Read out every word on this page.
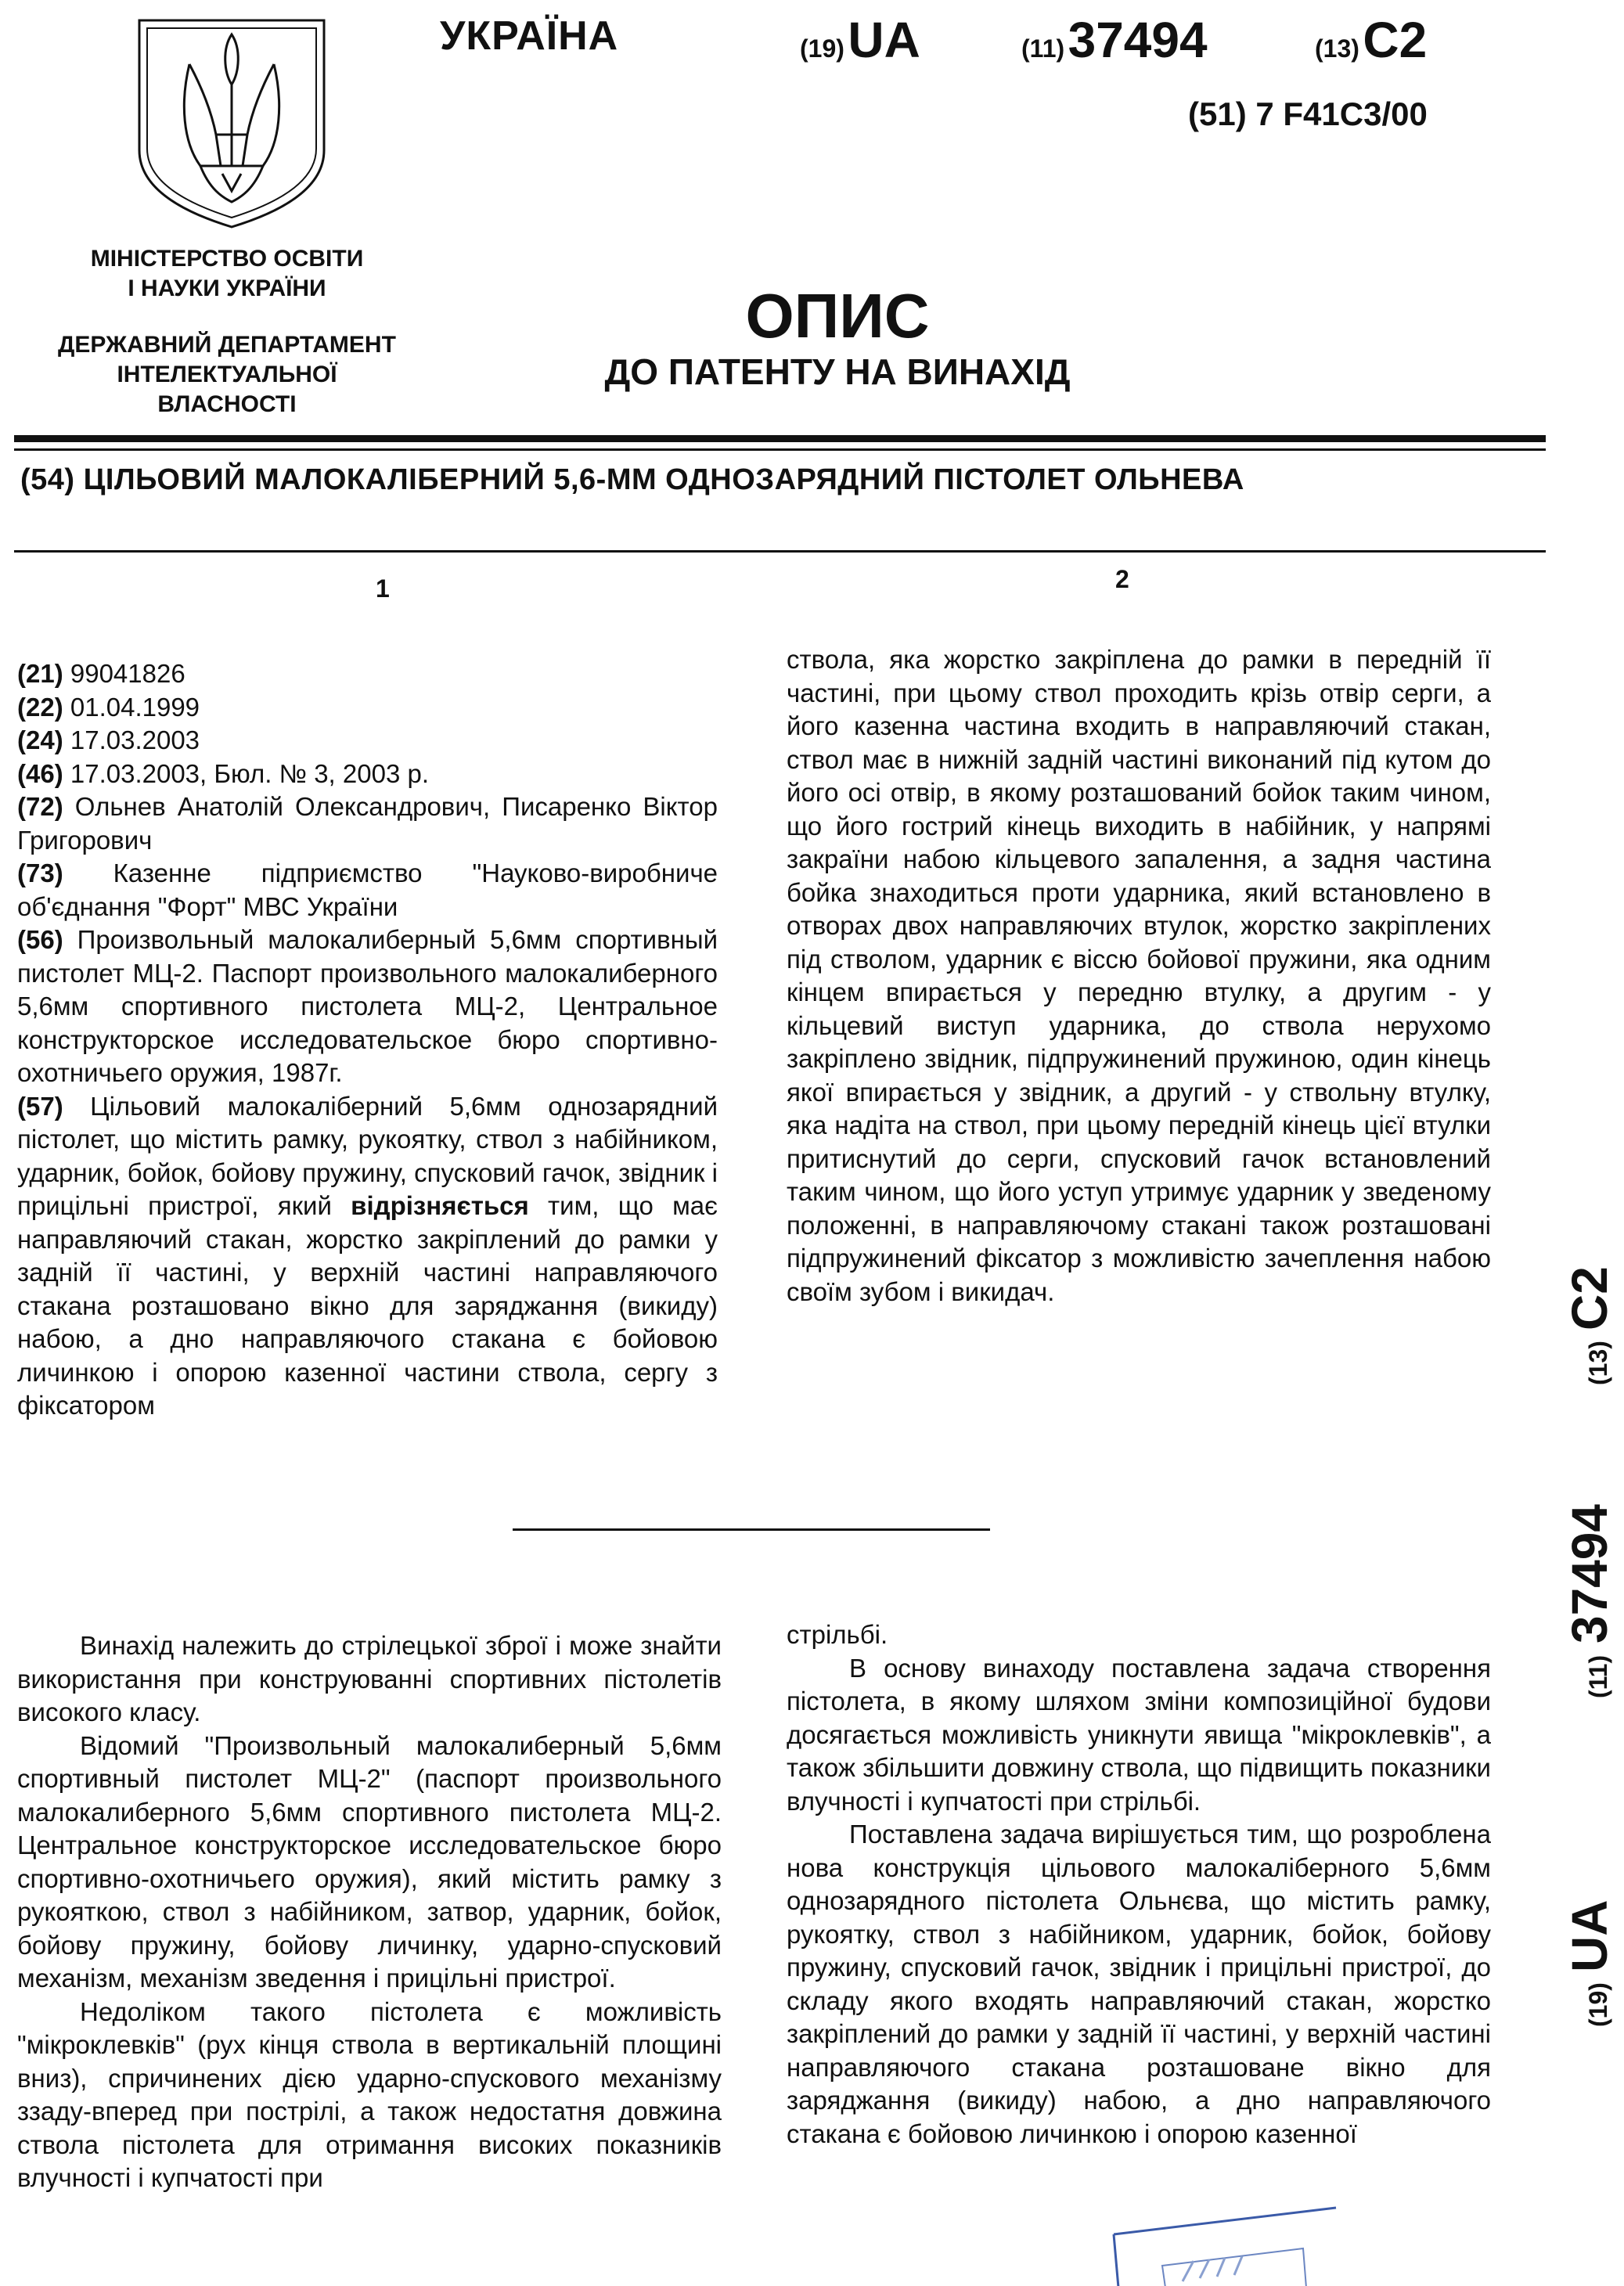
МІНІСТЕРСТВО ОСВІТИ
І НАУКИ УКРАЇНИ
ДЕРЖАВНИЙ ДЕПАРТАМЕНТ
ІНТЕЛЕКТУАЛЬНОЇ
ВЛАСНОСТІ
УКРАЇНА	(19) UA	(11) 37494	(13) C2
(51) 7 F41C3/00
ОПИС
ДО ПАТЕНТУ НА ВИНАХІД
(54) ЦІЛЬОВИЙ МАЛОКАЛІБЕРНИЙ 5,6-ММ ОДНОЗАРЯДНИЙ ПІСТОЛЕТ ОЛЬНЕВА
1	2
(21) 99041826
(22) 01.04.1999
(24) 17.03.2003
(46) 17.03.2003, Бюл. № 3, 2003 р.
(72) Ольнев Анатолій Олександрович, Писаренко Віктор Григорович
(73) Казенне підприємство "Науково-виробниче об'єднання "Форт" МВС України
(56) Произвольный малокалиберный 5,6мм спортивный пистолет МЦ-2. Паспорт произвольного малокалиберного 5,6мм спортивного пистолета МЦ-2, Центральное конструкторское исследовательское бюро спортивно-охотничьего оружия, 1987г.
(57) Цільовий малокаліберний 5,6мм однозарядний пістолет, що містить рамку, рукоятку, ствол з набійником, ударник, бойок, бойову пружину, спусковий гачок, звідник і прицільні пристрої, який відрізняється тим, що має направляючий стакан, жорстко закріплений до рамки у задній її частині, у верхній частині направляючого стакана розташовано вікно для заряджання (викиду) набою, а дно направляючого стакана є бойовою личинкою і опорою казенної частини ствола, сергу з фіксатором
ствола, яка жорстко закріплена до рамки в передній її частині, при цьому ствол проходить крізь отвір серги, а його казенна частина входить в направляючий стакан, ствол має в нижній задній частині виконаний під кутом до його осі отвір, в якому розташований бойок таким чином, що його гострий кінець виходить в набійник, у напрямі закраїни набою кільцевого запалення, а задня частина бойка знаходиться проти ударника, який встановлено в отворах двох направляючих втулок, жорстко закріплених під стволом, ударник є віссю бойової пружини, яка одним кінцем впирається у передню втулку, а другим - у кільцевий виступ ударника, до ствола нерухомо закріплено звідник, підпружинений пружиною, один кінець якої впирається у звідник, а другий - у ствольну втулку, яка надіта на ствол, при цьому передній кінець цієї втулки притиснутий до серги, спусковий гачок встановлений таким чином, що його уступ утримує ударник у зведеному положенні, в направляючому стакані також розташовані підпружинений фіксатор з можливістю зачеплення набою своїм зубом і викидач.

Винахід належить до стрілецької зброї і може знайти використання при конструюванні спортивних пістолетів високого класу.

Відомий "Произвольный малокалиберный 5,6мм спортивный пистолет МЦ-2" (паспорт произвольного малокалиберного 5,6мм спортивного пистолета МЦ-2. Центральное конструкторское исследовательское бюро спортивно-охотничьего оружия), який містить рамку з рукояткою, ствол з набійником, затвор, ударник, бойок, бойову пружину, бойову личинку, ударно-спусковий механізм, механізм зведення і прицільні пристрої.

Недоліком такого пістолета є можливість "мікроклевків" (рух кінця ствола в вертикальній площині вниз), спричинених дією ударно-спускового механізму ззаду-вперед при пострілі, а також недостатня довжина ствола пістолета для отримання високих показників влучності і купчатості при

стрільбі.

В основу винаходу поставлена задача створення пістолета, в якому шляхом зміни композиційної будови досягається можливість уникнути явища "мікроклевків", а також збільшити довжину ствола, що підвищить показники влучності і купчатості при стрільбі.

Поставлена задача вирішується тим, що розроблена нова конструкція цільового малокаліберного 5,6мм однозарядного пістолета Ольнєва, що містить рамку, рукоятку, ствол з набійником, ударник, бойок, бойову пружину, спусковий гачок, звідник і прицільні пристрої, до складу якого входять направляючий стакан, жорстко закріплений до рамки у задній її частині, у верхній частині направляючого стакана розташоване вікно для заряджання (викиду) набою, а дно направляючого стакана є бойовою личинкою і опорою казенної

(13)
C2
(11)
37494
(19)
UA
